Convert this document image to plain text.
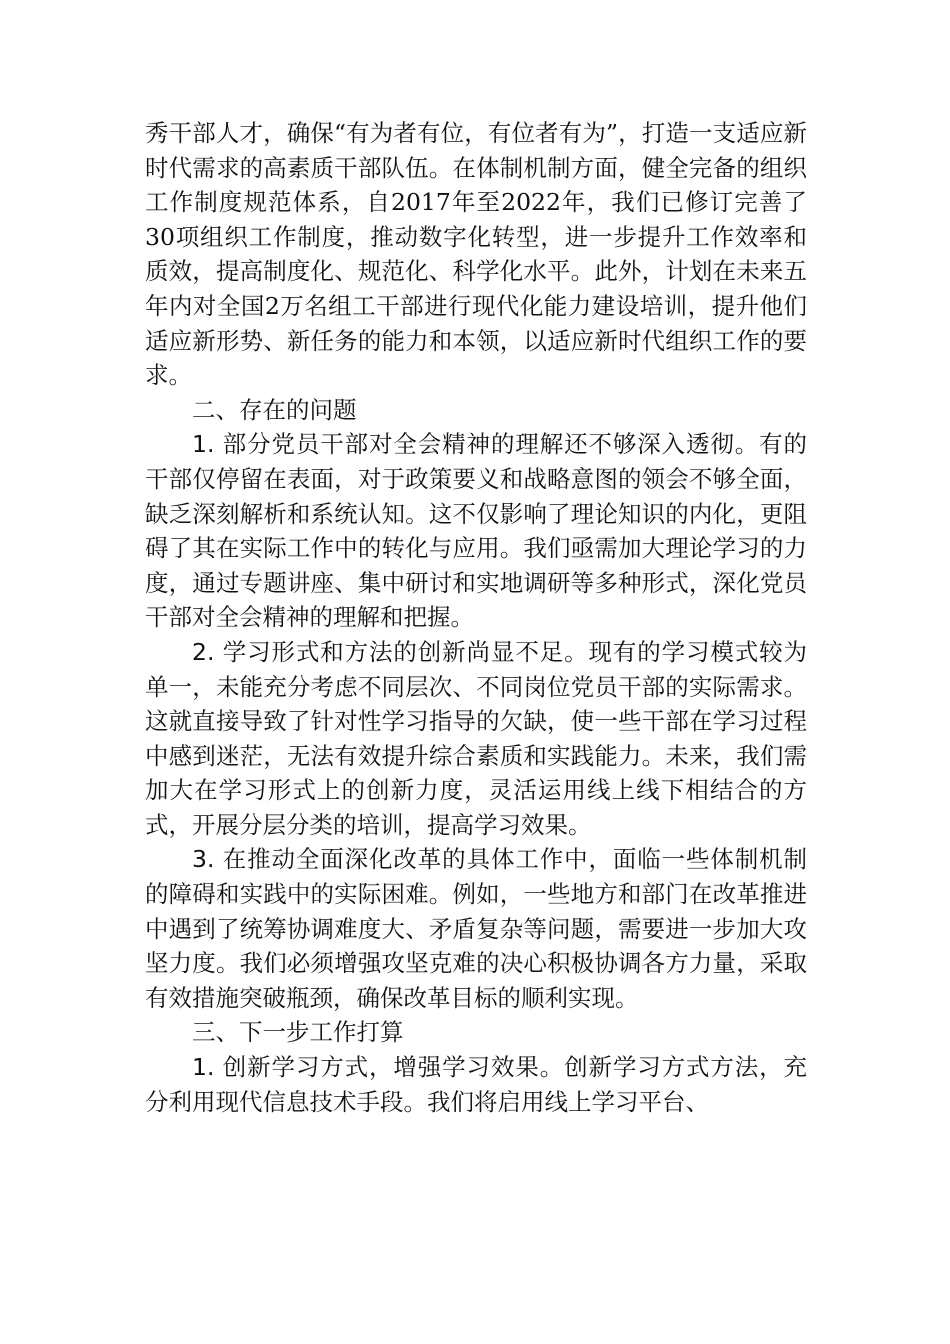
秀干部人才，确保“有为者有位，有位者有为”，打造一支适应新时代需求的高素质干部队伍。在体制机制方面，健全完备的组织工作制度规范体系，自2017年至2022年，我们已修订完善了30项组织工作制度，推动数字化转型，进一步提升工作效率和质效，提高制度化、规范化、科学化水平。此外，计划在未来五年内对全国2万名组工干部进行现代化能力建设培训，提升他们适应新形势、新任务的能力和本领，以适应新时代组织工作的要求。

二、存在的问题

1. 部分党员干部对全会精神的理解还不够深入透彻。有的干部仅停留在表面，对于政策要义和战略意图的领会不够全面，缺乏深刻解析和系统认知。这不仅影响了理论知识的内化，更阻碍了其在实际工作中的转化与应用。我们亟需加大理论学习的力度，通过专题讲座、集中研讨和实地调研等多种形式，深化党员干部对全会精神的理解和把握。

2. 学习形式和方法的创新尚显不足。现有的学习模式较为单一，未能充分考虑不同层次、不同岗位党员干部的实际需求。这就直接导致了针对性学习指导的欠缺，使一些干部在学习过程中感到迷茫，无法有效提升综合素质和实践能力。未来，我们需加大在学习形式上的创新力度，灵活运用线上线下相结合的方式，开展分层分类的培训，提高学习效果。

3. 在推动全面深化改革的具体工作中，面临一些体制机制的障碍和实践中的实际困难。例如，一些地方和部门在改革推进中遇到了统筹协调难度大、矛盾复杂等问题，需要进一步加大攻坚力度。我们必须增强攻坚克难的决心积极协调各方力量，采取有效措施突破瓶颈，确保改革目标的顺利实现。

三、下一步工作打算

1. 创新学习方式，增强学习效果。创新学习方式方法，充分利用现代信息技术手段。我们将启用线上学习平台、
